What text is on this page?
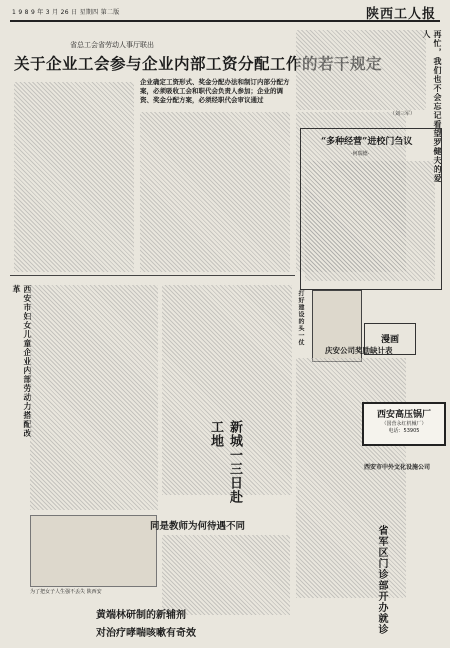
1 9 8 9 年 3 月 26 日 星期四 第二版	陕西工人报
省总工会省劳动人事厅联出
关于企业工会参与企业内部工资分配工作的若干规定
企业确定工资形式、奖金分配办法和制订内部分配方案，必须吸收工会和职代会负责人参加；企业的调资、奖金分配方案，必须经职代会审议通过	再忙，我们也不会忘记看望罗健夫的爱人
（刘三军）
“多种经营”进校门刍议
·何瑞德·
西安市妇女儿童企业内部劳动力搭配改革
为了把女子人生强不丢失 陕西安
新城一三日赴工地
漫画
打好建设的头一仗
同是教师为何待遇不同
庆安公司奖励缺计表
西安高压锅厂
（国营永红机械厂）
电话：53905
西安市中外文化设施公司
省军区门诊部开办就诊
黄端林研制的新辅剂
对治疗哮喘咳嗽有奇效
